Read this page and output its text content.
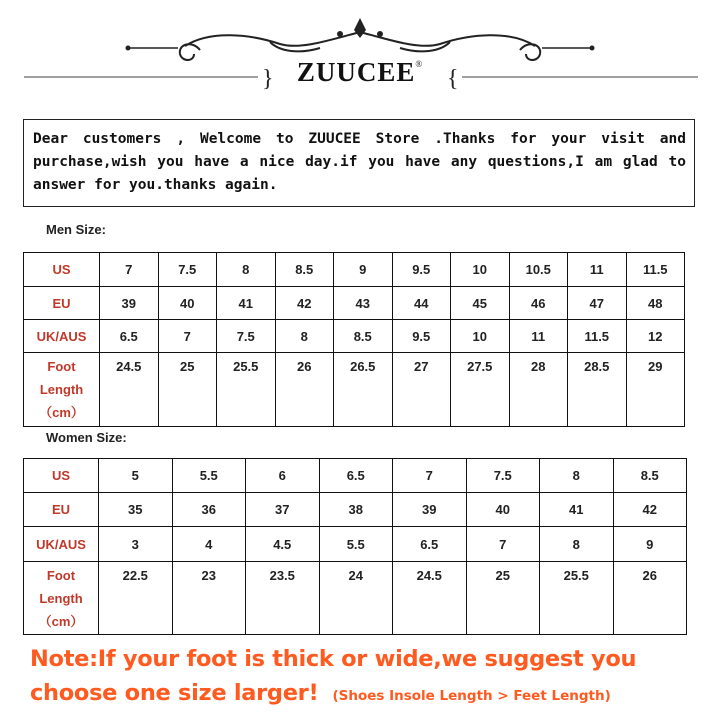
}	{
ZUUCEE®
Dear customers , Welcome to ZUUCEE Store .Thanks for your visit and purchase,wish you have a nice day.if you have any questions,I am glad to answer for you.thanks again.
Men Size:
US	7	7.5	8	8.5	9	9.5	10	10.5	11	11.5
EU	39	40	41	42	43	44	45	46	47	48
UK/AUS	6.5	7	7.5	8	8.5	9.5	10	11	11.5	12

Foot
Length
（cm）	24.5	25	25.5	26	26.5	27	27.5	28	28.5	29
Women Size:
US	5	5.5	6	6.5	7	7.5	8	8.5
EU	35	36	37	38	39	40	41	42
UK/AUS	3	4	4.5	5.5	6.5	7	8	9

Foot
Length
（cm）	22.5	23	23.5	24	24.5	25	25.5	26
Note:If your foot is thick or wide,we suggest you
choose one size larger! (Shoes Insole Length > Feet Length)
